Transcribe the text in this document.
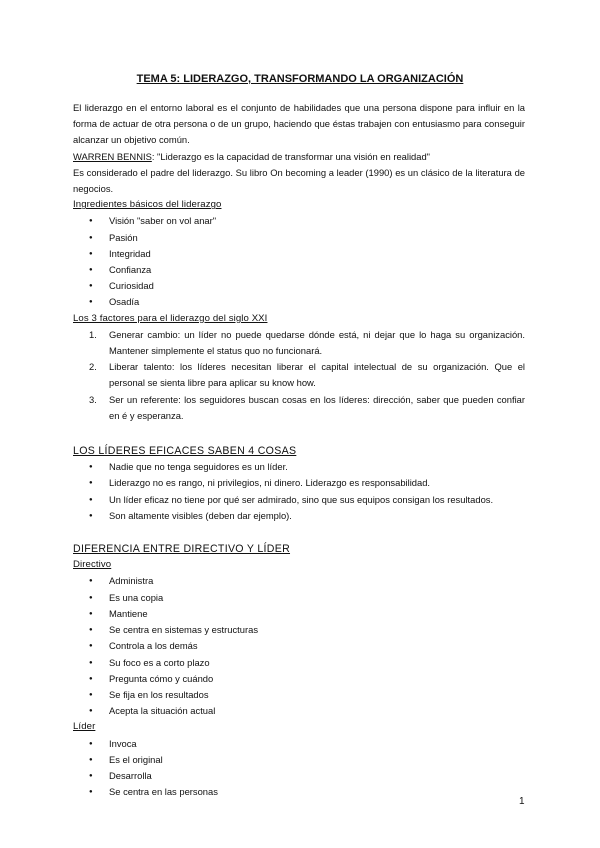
TEMA 5: LIDERAZGO, TRANSFORMANDO LA ORGANIZACIÓN

El liderazgo en el entorno laboral es el conjunto de habilidades que una persona dispone para influir en la forma de actuar de otra persona o de un grupo, haciendo que éstas trabajen con entusiasmo para conseguir alcanzar un objetivo común.

WARREN BENNIS: "Liderazgo es la capacidad de transformar una visión en realidad"

Es considerado el padre del liderazgo. Su libro On becoming a leader (1990) es un clásico de la literatura de negocios.

Ingredientes básicos del liderazgo
● Visión "saber on vol anar"
● Pasión
● Integridad
● Confianza
● Curiosidad
● Osadía
Los 3 factores para el liderazgo del siglo XXI
1. Generar cambio: un líder no puede quedarse dónde está, ni dejar que lo haga su organización. Mantener simplemente el status quo no funcionará.
2. Liberar talento: los líderes necesitan liberar el capital intelectual de su organización. Que el personal se sienta libre para aplicar su know how.
3. Ser un referente: los seguidores buscan cosas en los líderes: dirección, saber que pueden confiar en é y esperanza.
LOS LÍDERES EFICACES SABEN 4 COSAS
● Nadie que no tenga seguidores es un líder.
● Liderazgo no es rango, ni privilegios, ni dinero. Liderazgo es responsabilidad.
● Un líder eficaz no tiene por qué ser admirado, sino que sus equipos consigan los resultados.
● Son altamente visibles (deben dar ejemplo).
DIFERENCIA ENTRE DIRECTIVO Y LÍDER
Directivo
● Administra
● Es una copia
● Mantiene
● Se centra en sistemas y estructuras
● Controla a los demás
● Su foco es a corto plazo
● Pregunta cómo y cuándo
● Se fija en los resultados
● Acepta la situación actual
Líder
● Invoca
● Es el original
● Desarrolla
● Se centra en las personas
1
